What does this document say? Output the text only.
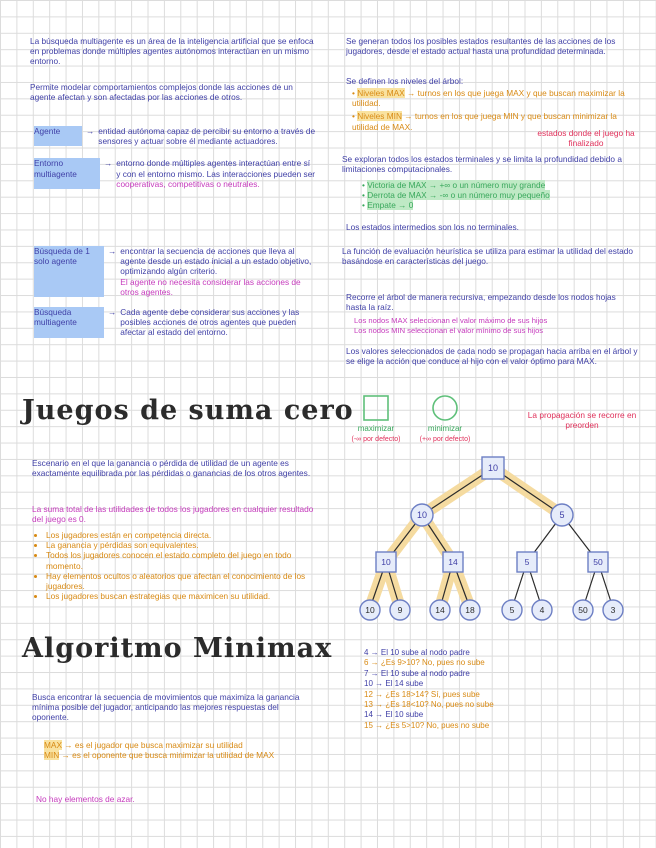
La búsqueda multiagente es un área de la inteligencia artificial que se enfoca en problemas donde múltiples agentes autónomos interactúan en un mismo entorno.

Permite modelar comportamientos complejos donde las acciones de un agente afectan y son afectadas por las acciones de otros.

Agente	→ entidad autónoma capaz de percibir su entorno a través de sensores y actuar sobre él mediante actuadores.
Entorno multiagente
→ entorno donde múltiples agentes interactúan entre sí y con el entorno mismo. Las interacciones pueden ser cooperativas, competitivas o neutrales.
Búsqueda de 1 solo agente
→ encontrar la secuencia de acciones que lleva al agente desde un estado inicial a un estado objetivo, optimizando algún criterio.
El agente no necesita considerar las acciones de otros agentes.
Búsqueda multiagente
→ Cada agente debe considerar sus acciones y las posibles acciones de otros agentes que pueden afectar al estado del entorno.
Juegos de suma cero

Escenario en el que la ganancia o pérdida de utilidad de un agente es exactamente equilibrada por las pérdidas o ganancias de los otros agentes.

La suma total de las utilidades de todos los jugadores en cualquier resultado del juego es 0.

• Los jugadores están en competencia directa.
• La ganancia y pérdidas son equivalentes.
• Todos los jugadores conocen el estado completo del juego en todo momento.
• Hay elementos ocultos o aleatorios que afectan el conocimiento de los jugadores.
• Los jugadores buscan estrategias que maximicen su utilidad.
Algoritmo Minimax

Busca encontrar la secuencia de movimientos que maximiza la ganancia mínima posible del jugador, anticipando las mejores respuestas del oponente.

MAX → es el jugador que busca maximizar su utilidad

MIN → es el oponente que busca minimizar la utilidad de MAX

No hay elementos de azar.

Se generan todos los posibles estados resultantes de las acciones de los jugadores, desde el estado actual hasta una profundidad determinada.

Se definen los niveles del árbol:

• Niveles MAX → turnos en los que juega MAX y que buscan maximizar la utilidad.

• Niveles MIN → turnos en los que juega MIN y que buscan minimizar la utilidad de MAX.

estados donde el juego ha finalizado

Se exploran todos los estados terminales y se limita la profundidad debido a limitaciones computacionales.

• Victoria de MAX → +∞ o un número muy grande

• Derrota de MAX → -∞ o un número muy pequeño

• Empate → 0

Los estados intermedios son los no terminales.

La función de evaluación heurística se utiliza para estimar la utilidad del estado basándose en características del juego.

Recorre el árbol de manera recursiva, empezando desde los nodos hojas hasta la raíz.

Los nodos MAX seleccionan el valor máximo de sus hijos

Los nodos MIN seleccionan el valor mínimo de sus hijos

Los valores seleccionados de cada nodo se propagan hacia arriba en el árbol y se elige la acción que conduce al hijo con el valor óptimo para MAX.

maximizar
(-∞ por defecto)
minimizar
(+∞ por defecto)
10
10	5
10	14	5	50
10	9	14 18	5	4	50	3

La propagación se recorre en preorden

4 → El 10 sube al nodo padre

6 → ¿Es 9>10? No, pues no sube

7 → El 10 sube al nodo padre

10 → El 14 sube

12 → ¿Es 18>14? Sí, pues sube

13 → ¿Es 18<10? No, pues no sube

14 → El 10 sube

15 → ¿Es 5>10? No, pues no sube
